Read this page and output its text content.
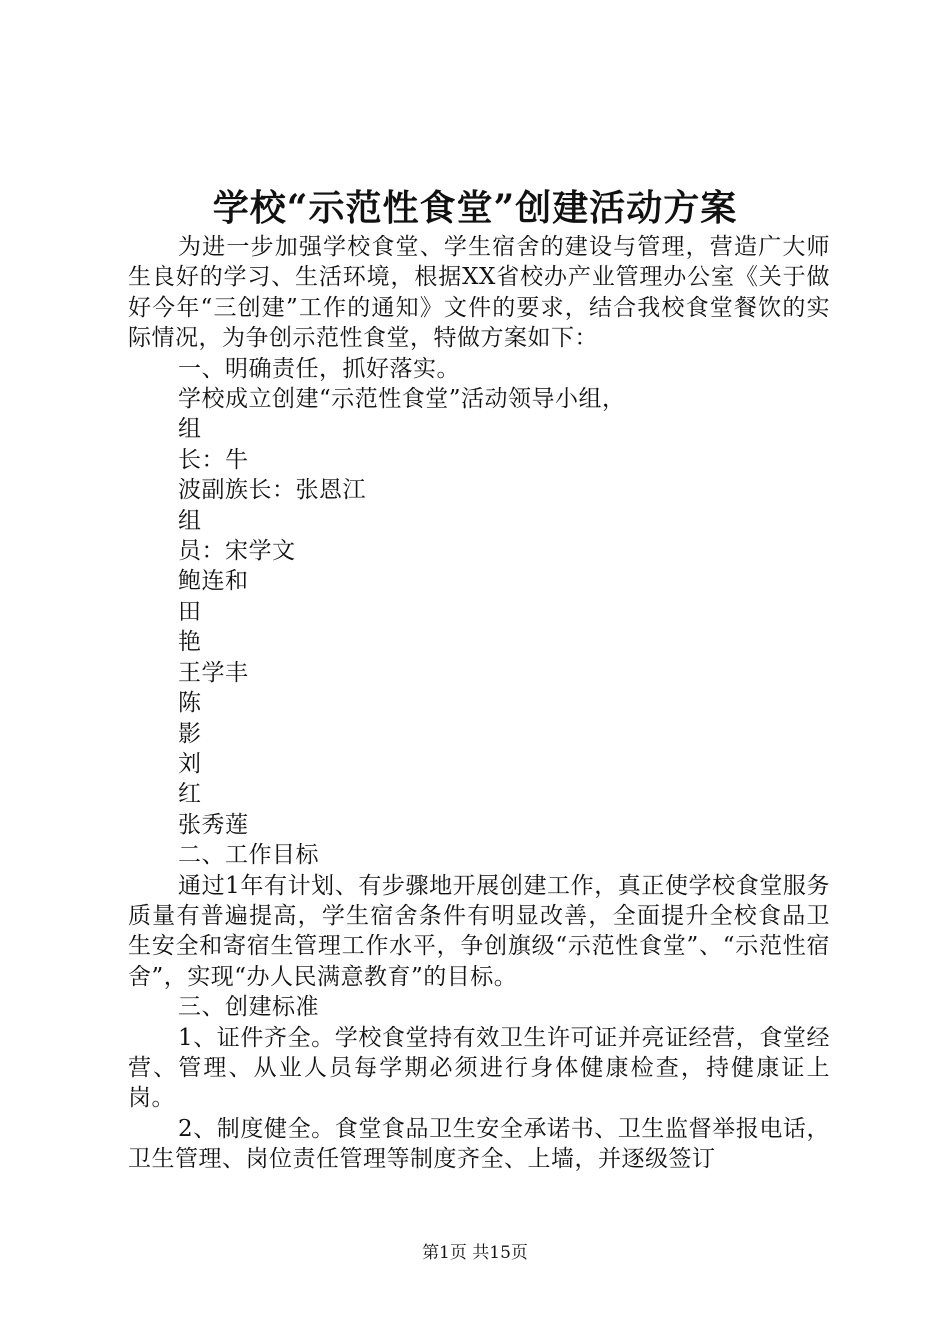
学校“示范性食堂”创建活动方案

为进一步加强学校食堂、学生宿舍的建设与管理，营造广大师生良好的学习、生活环境，根据XX省校办产业管理办公室《关于做好今年“三创建”工作的通知》文件的要求，结合我校食堂餐饮的实际情况，为争创示范性食堂，特做方案如下：

一、明确责任，抓好落实。

学校成立创建“示范性食堂”活动领导小组，

组

长：牛

波副族长：张恩江

组

员：宋学文

鲍连和

田

艳

王学丰

陈

影

刘

红

张秀莲

二、工作目标

通过1年有计划、有步骤地开展创建工作，真正使学校食堂服务质量有普遍提高，学生宿舍条件有明显改善，全面提升全校食品卫生安全和寄宿生管理工作水平，争创旗级“示范性食堂”、“示范性宿舍”，实现“办人民满意教育”的目标。

三、创建标准

1、证件齐全。学校食堂持有效卫生许可证并亮证经营，食堂经营、管理、从业人员每学期必须进行身体健康检查，持健康证上岗。

2、制度健全。食堂食品卫生安全承诺书、卫生监督举报电话，卫生管理、岗位责任管理等制度齐全、上墙，并逐级签订

第1页 共15页
